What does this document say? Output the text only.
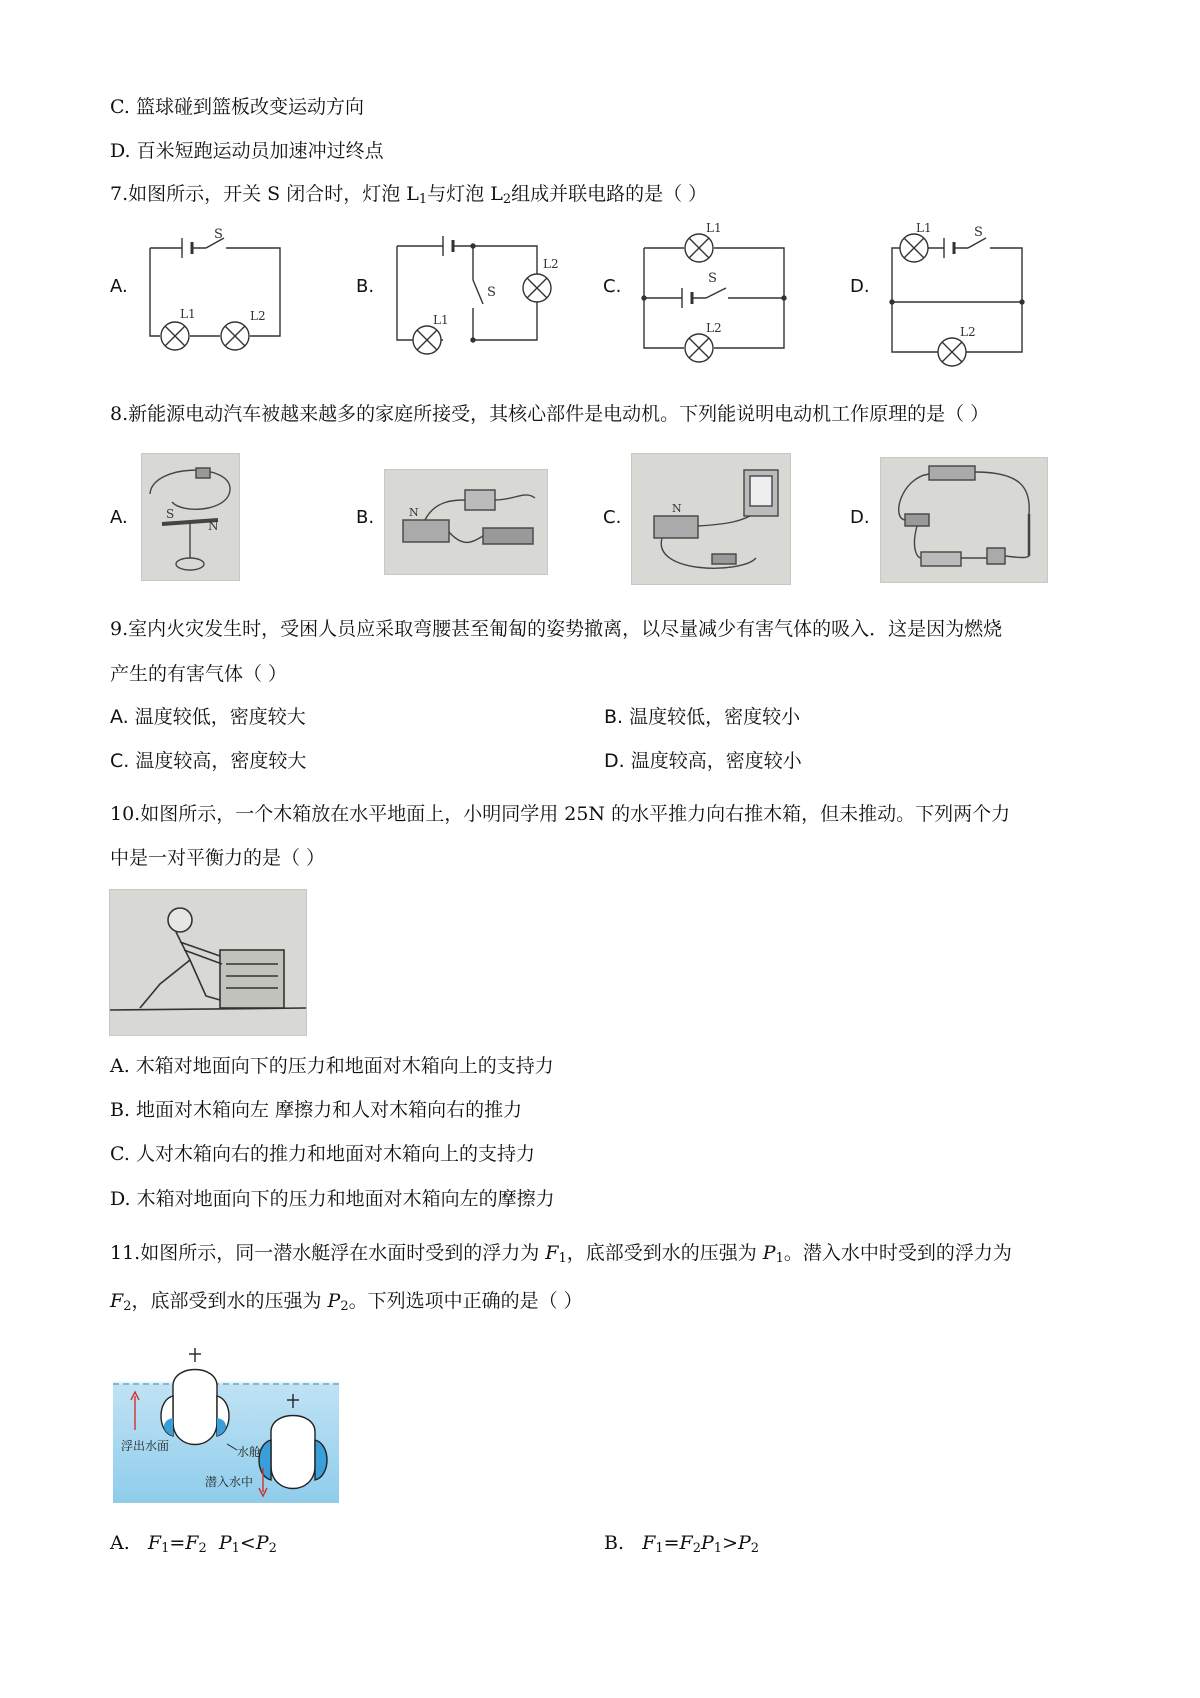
C. 篮球碰到篮板改变运动方向
D. 百米短跑运动员加速冲过终点
7.如图所示，开关 S 闭合时，灯泡 $L_1$与灯泡 $L_2$组成并联电路的是（ ）
A.	B.	C.	D.
S
L1	L2
S
L1
L2
S
L1
L2
S
L1
L2
8.新能源电动汽车被越来越多的家庭所接受，其核心部件是电动机。下列能说明电动机工作原理的是（ ）
A.	B.	C.	D.
S
N
N	N
9.室内火灾发生时，受困人员应采取弯腰甚至匍匐的姿势撤离，以尽量减少有害气体的吸入．这是因为燃烧
产生的有害气体（ ）
A. 温度较低，密度较大	B. 温度较低，密度较小
C. 温度较高，密度较大	D. 温度较高，密度较小
10.如图所示，一个木箱放在水平地面上，小明同学用 25N 的水平推力向右推木箱，但未推动。下列两个力
中是一对平衡力的是（ ）
A. 木箱对地面向下的压力和地面对木箱向上的支持力
B. 地面对木箱向左 摩擦力和人对木箱向右的推力
C. 人对木箱向右的推力和地面对木箱向上的支持力
D. 木箱对地面向下的压力和地面对木箱向左的摩擦力
11.如图所示，同一潜水艇浮在水面时受到的浮力为 $F_1$，底部受到水的压强为 $P_1$。潜入水中时受到的浮力为
$F_2$，底部受到水的压强为 $P_2$。下列选项中正确的是（ ）
浮出水面	水舱
潜入水中
A. $F_1=F_2$ $P_1<P_2$	B. $F_1=F_2P_1>P_2$
